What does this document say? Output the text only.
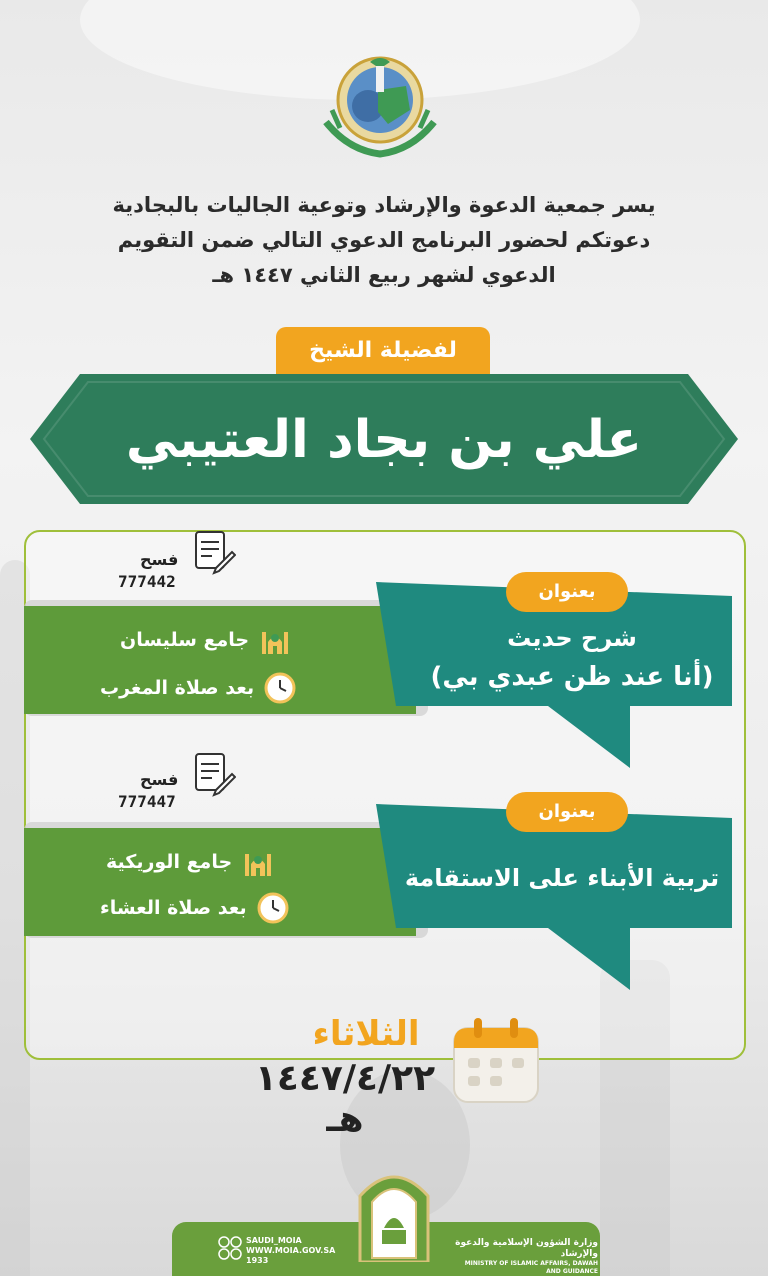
يسر جمعية الدعوة والإرشاد وتوعية الجاليات بالبجادية
دعوتكم لحضور البرنامج الدعوي التالي ضمن التقويم
الدعوي لشهر ربيع الثاني ١٤٤٧ هـ
لفضيلة الشيخ
علي بن بجاد العتيبي
فسح
777442
جامع سليسان
بعد صلاة المغرب
بعنوان
شرح حديث
(أنا عند ظن عبدي بي)
فسح
777447
جامع الوريكية
بعد صلاة العشاء
بعنوان
تربية الأبناء على الاستقامة
الثلاثاء
١٤٤٧/٤/٢٢ هـ
SAUDI_MOIA
WWW.MOIA.GOV.SA
1933
وزارة الشؤون الإسلامية والدعوة والإرشاد
MINISTRY OF ISLAMIC AFFAIRS, DAWAH AND GUIDANCE
